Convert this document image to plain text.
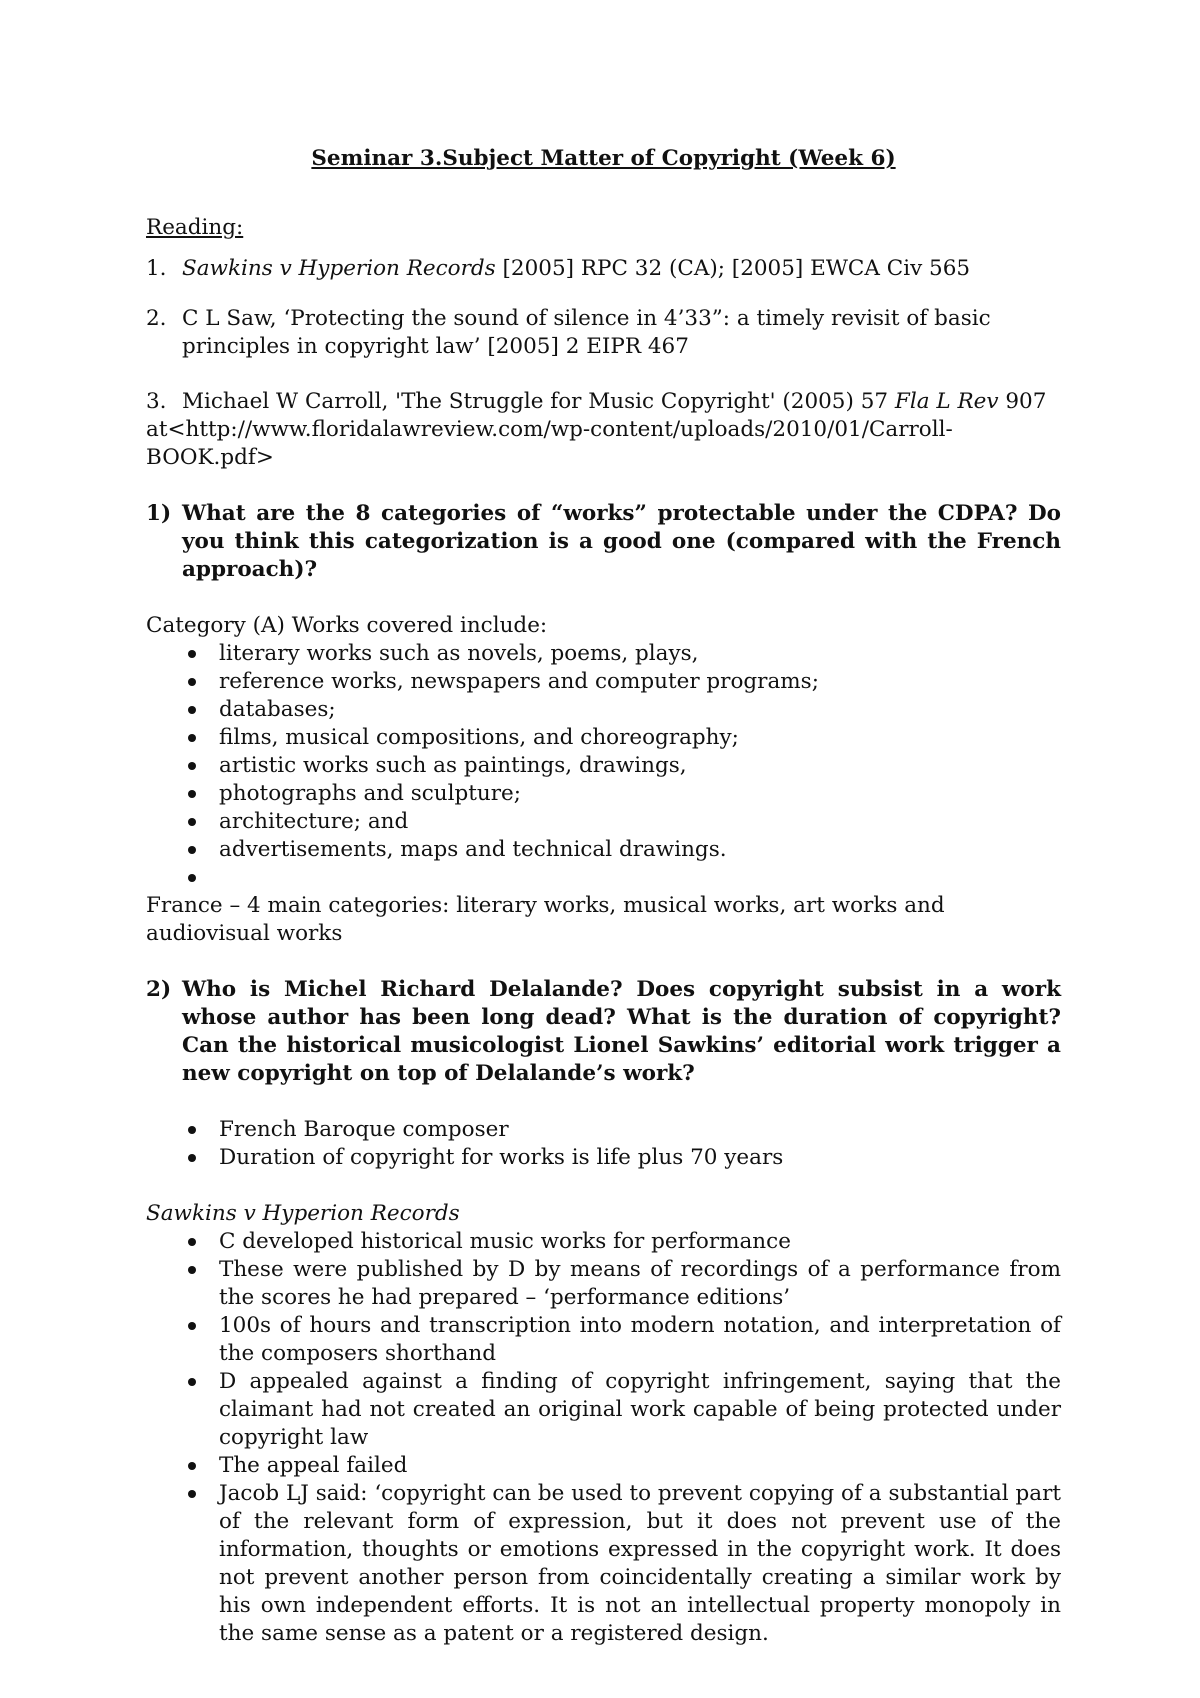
Seminar 3.Subject Matter of Copyright (Week 6)

Reading:
1. Sawkins v Hyperion Records [2005] RPC 32 (CA); [2005] EWCA Civ 565
2. C L Saw, ‘Protecting the sound of silence in 4’33”: a timely revisit of basic principles in copyright law’ [2005] 2 EIPR 467
3. Michael W Carroll, 'The Struggle for Music Copyright' (2005) 57 Fla L Rev 907
at<http://www.floridalawreview.com/wp-content/uploads/2010/01/Carroll-BOOK.pdf>
1) What are the 8 categories of “works” protectable under the CDPA? Do you think this categorization is a good one (compared with the French approach)?
Category (A) Works covered include:
literary works such as novels, poems, plays,
reference works, newspapers and computer programs;
databases;
films, musical compositions, and choreography;
artistic works such as paintings, drawings,
photographs and sculpture;
architecture; and
advertisements, maps and technical drawings.
France – 4 main categories: literary works, musical works, art works and audiovisual works
2) Who is Michel Richard Delalande? Does copyright subsist in a work whose author has been long dead? What is the duration of copyright? Can the historical musicologist Lionel Sawkins’ editorial work trigger a new copyright on top of Delalande’s work?
French Baroque composer
Duration of copyright for works is life plus 70 years
Sawkins v Hyperion Records
C developed historical music works for performance
These were published by D by means of recordings of a performance from the scores he had prepared – ‘performance editions’
100s of hours and transcription into modern notation, and interpretation of the composers shorthand
D appealed against a finding of copyright infringement, saying that the claimant had not created an original work capable of being protected under copyright law
The appeal failed
Jacob LJ said: ‘copyright can be used to prevent copying of a substantial part of the relevant form of expression, but it does not prevent use of the information, thoughts or emotions expressed in the copyright work. It does not prevent another person from coincidentally creating a similar work by his own independent efforts. It is not an intellectual property monopoly in the same sense as a patent or a registered design.
